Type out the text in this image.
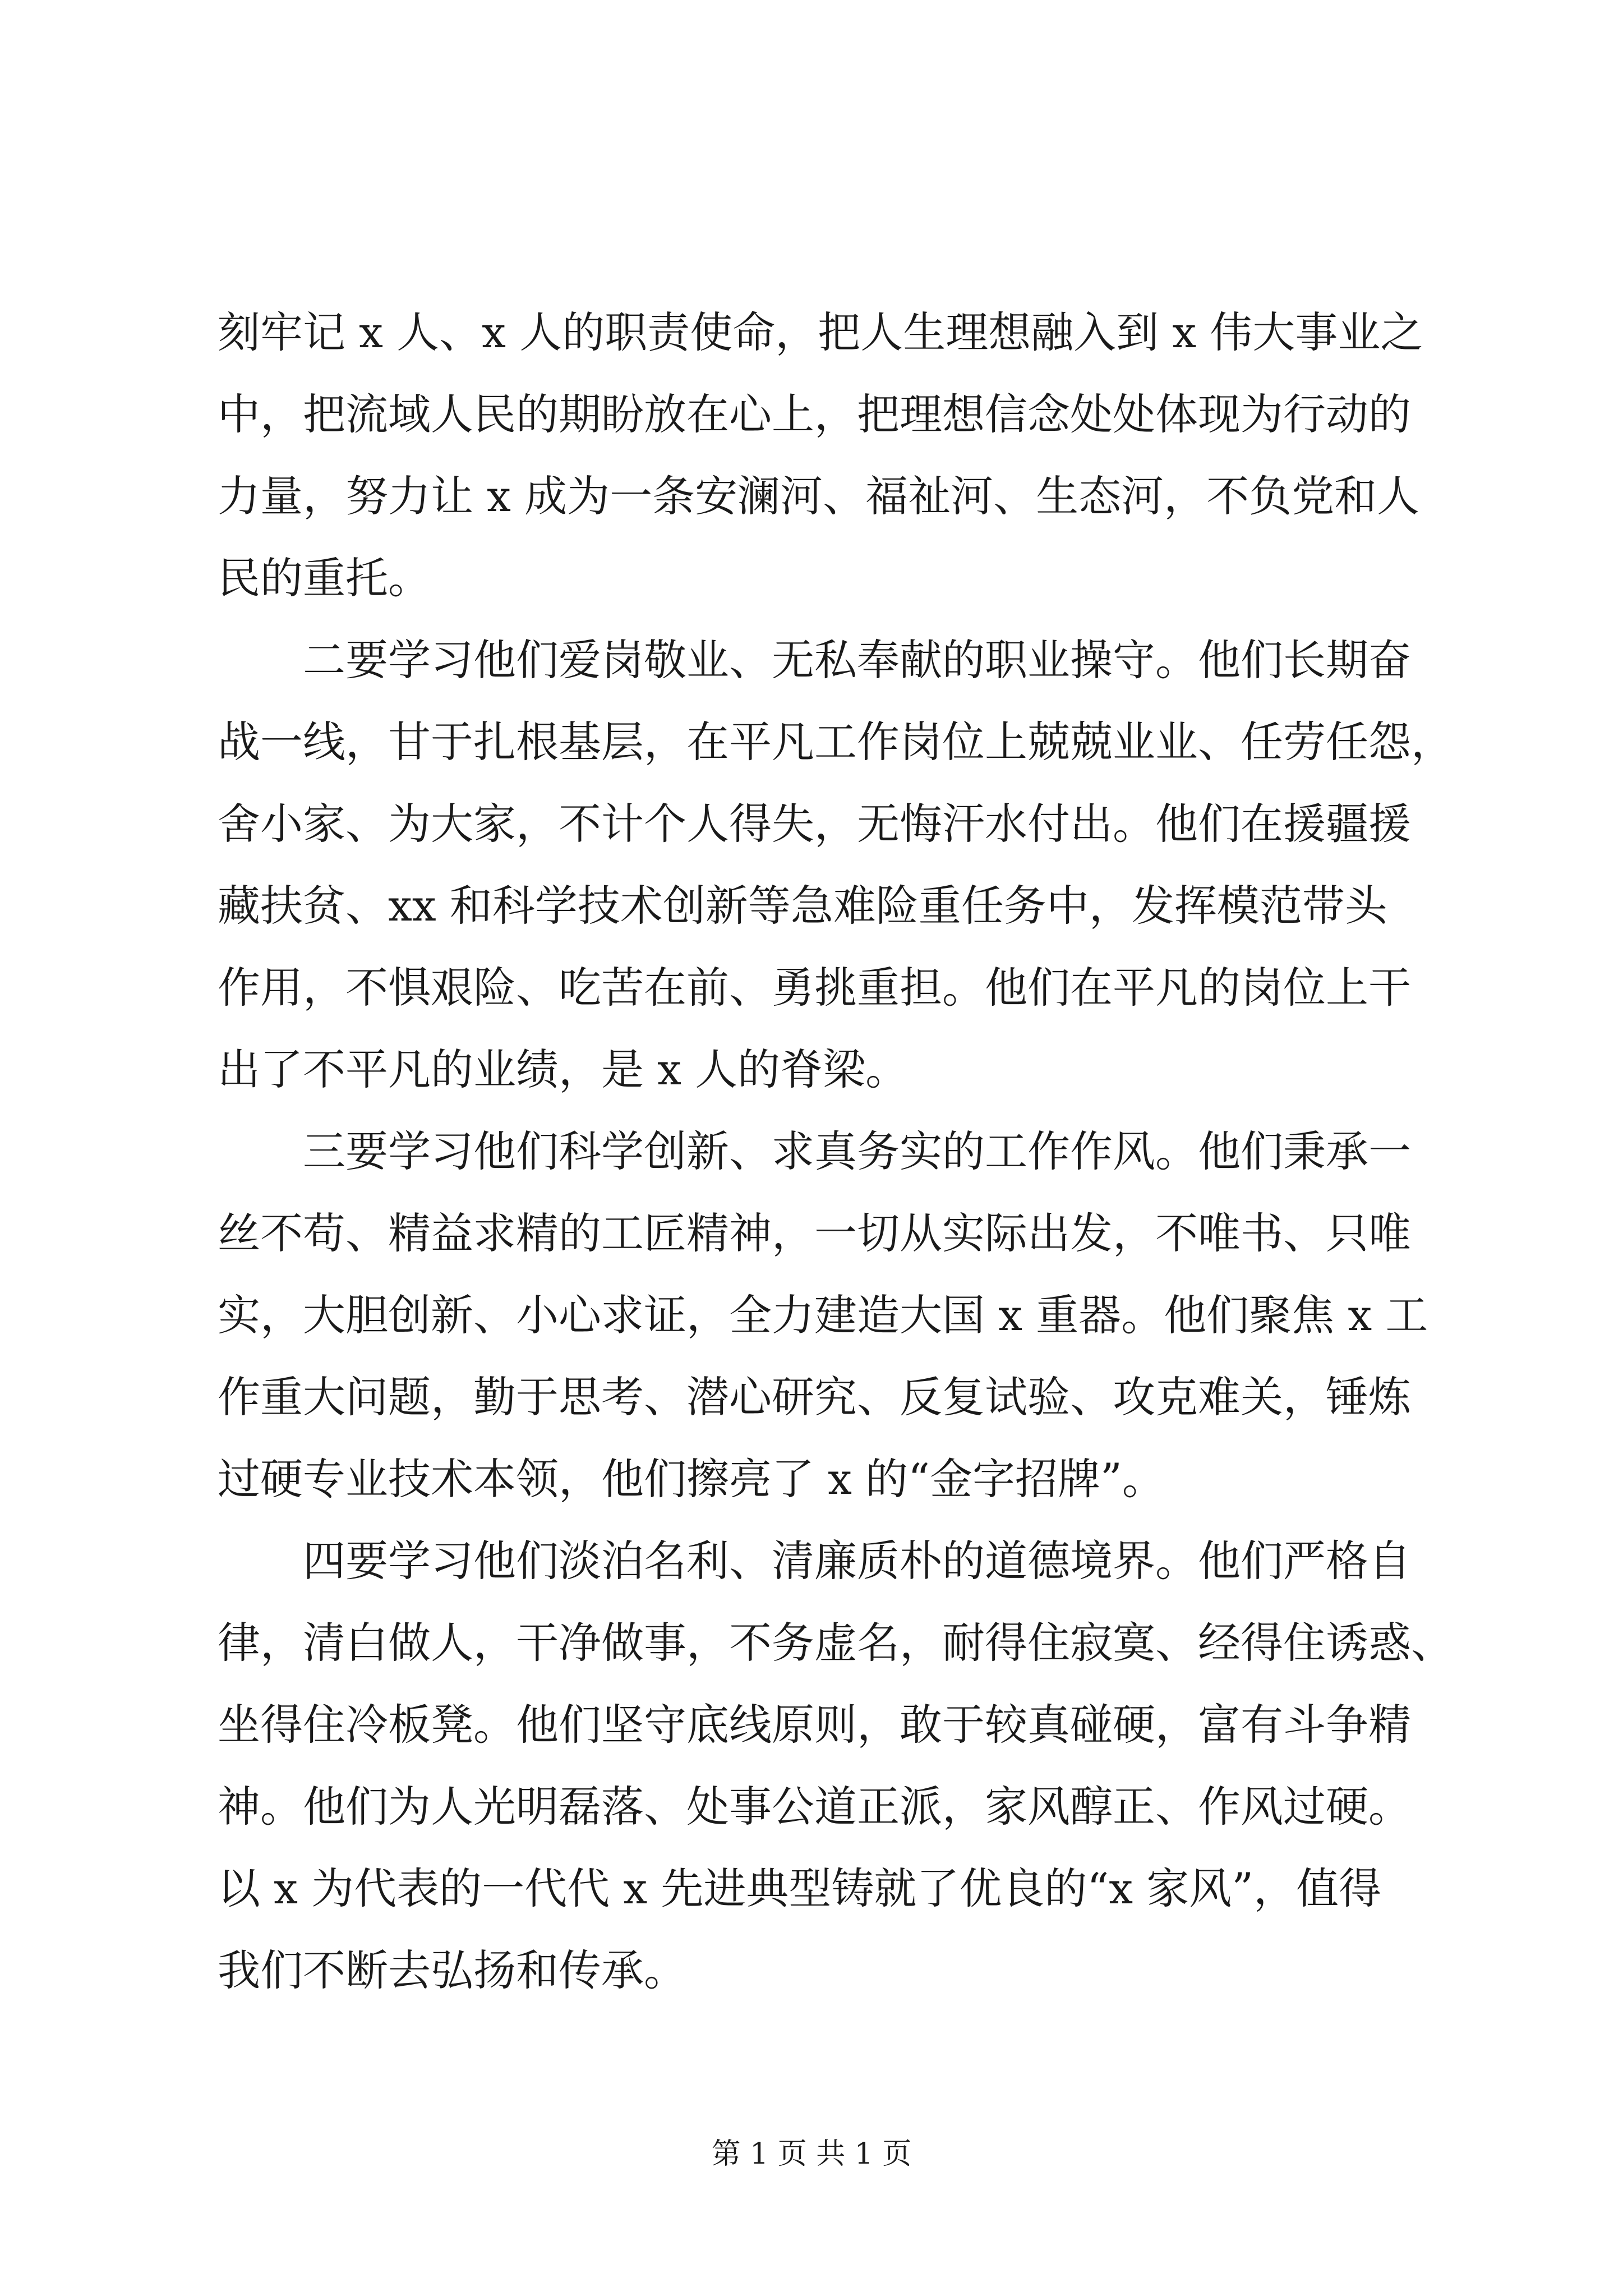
刻牢记 x 人、x 人的职责使命，把人生理想融入到 x 伟大事业之
中，把流域人民的期盼放在心上，把理想信念处处体现为行动的
力量，努力让 x 成为一条安澜河、福祉河、生态河，不负党和人
民的重托。
二要学习他们爱岗敬业、无私奉献的职业操守。他们长期奋
战一线，甘于扎根基层，在平凡工作岗位上兢兢业业、任劳任怨，
舍小家、为大家，不计个人得失，无悔汗水付出。他们在援疆援
藏扶贫、xx 和科学技术创新等急难险重任务中，发挥模范带头
作用，不惧艰险、吃苦在前、勇挑重担。他们在平凡的岗位上干
出了不平凡的业绩，是 x 人的脊梁。
三要学习他们科学创新、求真务实的工作作风。他们秉承一
丝不苟、精益求精的工匠精神，一切从实际出发，不唯书、只唯
实，大胆创新、小心求证，全力建造大国 x 重器。他们聚焦 x 工
作重大问题，勤于思考、潜心研究、反复试验、攻克难关，锤炼
过硬专业技术本领，他们擦亮了 x 的“金字招牌”。
四要学习他们淡泊名利、清廉质朴的道德境界。他们严格自
律，清白做人，干净做事，不务虚名，耐得住寂寞、经得住诱惑、
坐得住冷板凳。他们坚守底线原则，敢于较真碰硬，富有斗争精
神。他们为人光明磊落、处事公道正派，家风醇正、作风过硬。
以 x 为代表的一代代 x 先进典型铸就了优良的“x 家风”，值得
我们不断去弘扬和传承。
第 1 页 共 1 页
